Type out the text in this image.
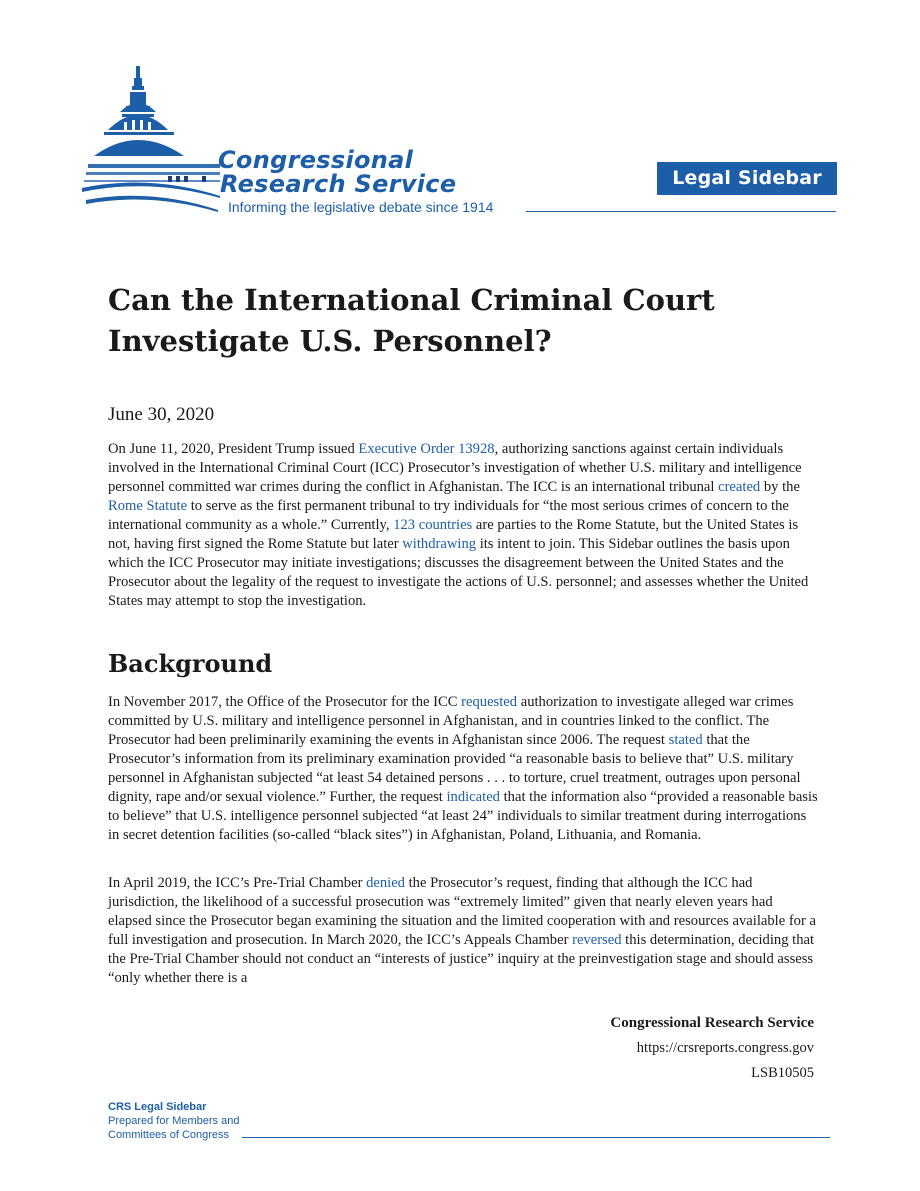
Congressional
Research Service
Informing the legislative debate since 1914
Legal Sidebar
Can the International Criminal Court Investigate U.S. Personnel?
June 30, 2020

On June 11, 2020, President Trump issued Executive Order 13928, authorizing sanctions against certain individuals involved in the International Criminal Court (ICC) Prosecutor’s investigation of whether U.S. military and intelligence personnel committed war crimes during the conflict in Afghanistan. The ICC is an international tribunal created by the Rome Statute to serve as the first permanent tribunal to try individuals for “the most serious crimes of concern to the international community as a whole.” Currently, 123 countries are parties to the Rome Statute, but the United States is not, having first signed the Rome Statute but later withdrawing its intent to join. This Sidebar outlines the basis upon which the ICC Prosecutor may initiate investigations; discusses the disagreement between the United States and the Prosecutor about the legality of the request to investigate the actions of U.S. personnel; and assesses whether the United States may attempt to stop the investigation.

Background

In November 2017, the Office of the Prosecutor for the ICC requested authorization to investigate alleged war crimes committed by U.S. military and intelligence personnel in Afghanistan, and in countries linked to the conflict. The Prosecutor had been preliminarily examining the events in Afghanistan since 2006. The request stated that the Prosecutor’s information from its preliminary examination provided “a reasonable basis to believe that” U.S. military personnel in Afghanistan subjected “at least 54 detained persons . . . to torture, cruel treatment, outrages upon personal dignity, rape and/or sexual violence.” Further, the request indicated that the information also “provided a reasonable basis to believe” that U.S. intelligence personnel subjected “at least 24” individuals to similar treatment during interrogations in secret detention facilities (so-called “black sites”) in Afghanistan, Poland, Lithuania, and Romania.

In April 2019, the ICC’s Pre-Trial Chamber denied the Prosecutor’s request, finding that although the ICC had jurisdiction, the likelihood of a successful prosecution was “extremely limited” given that nearly eleven years had elapsed since the Prosecutor began examining the situation and the limited cooperation with and resources available for a full investigation and prosecution. In March 2020, the ICC’s Appeals Chamber reversed this determination, deciding that the Pre-Trial Chamber should not conduct an “interests of justice” inquiry at the preinvestigation stage and should assess “only whether there is a

Congressional Research Service
https://crsreports.congress.gov
LSB10505
CRS Legal Sidebar
Prepared for Members and
Committees of Congress
